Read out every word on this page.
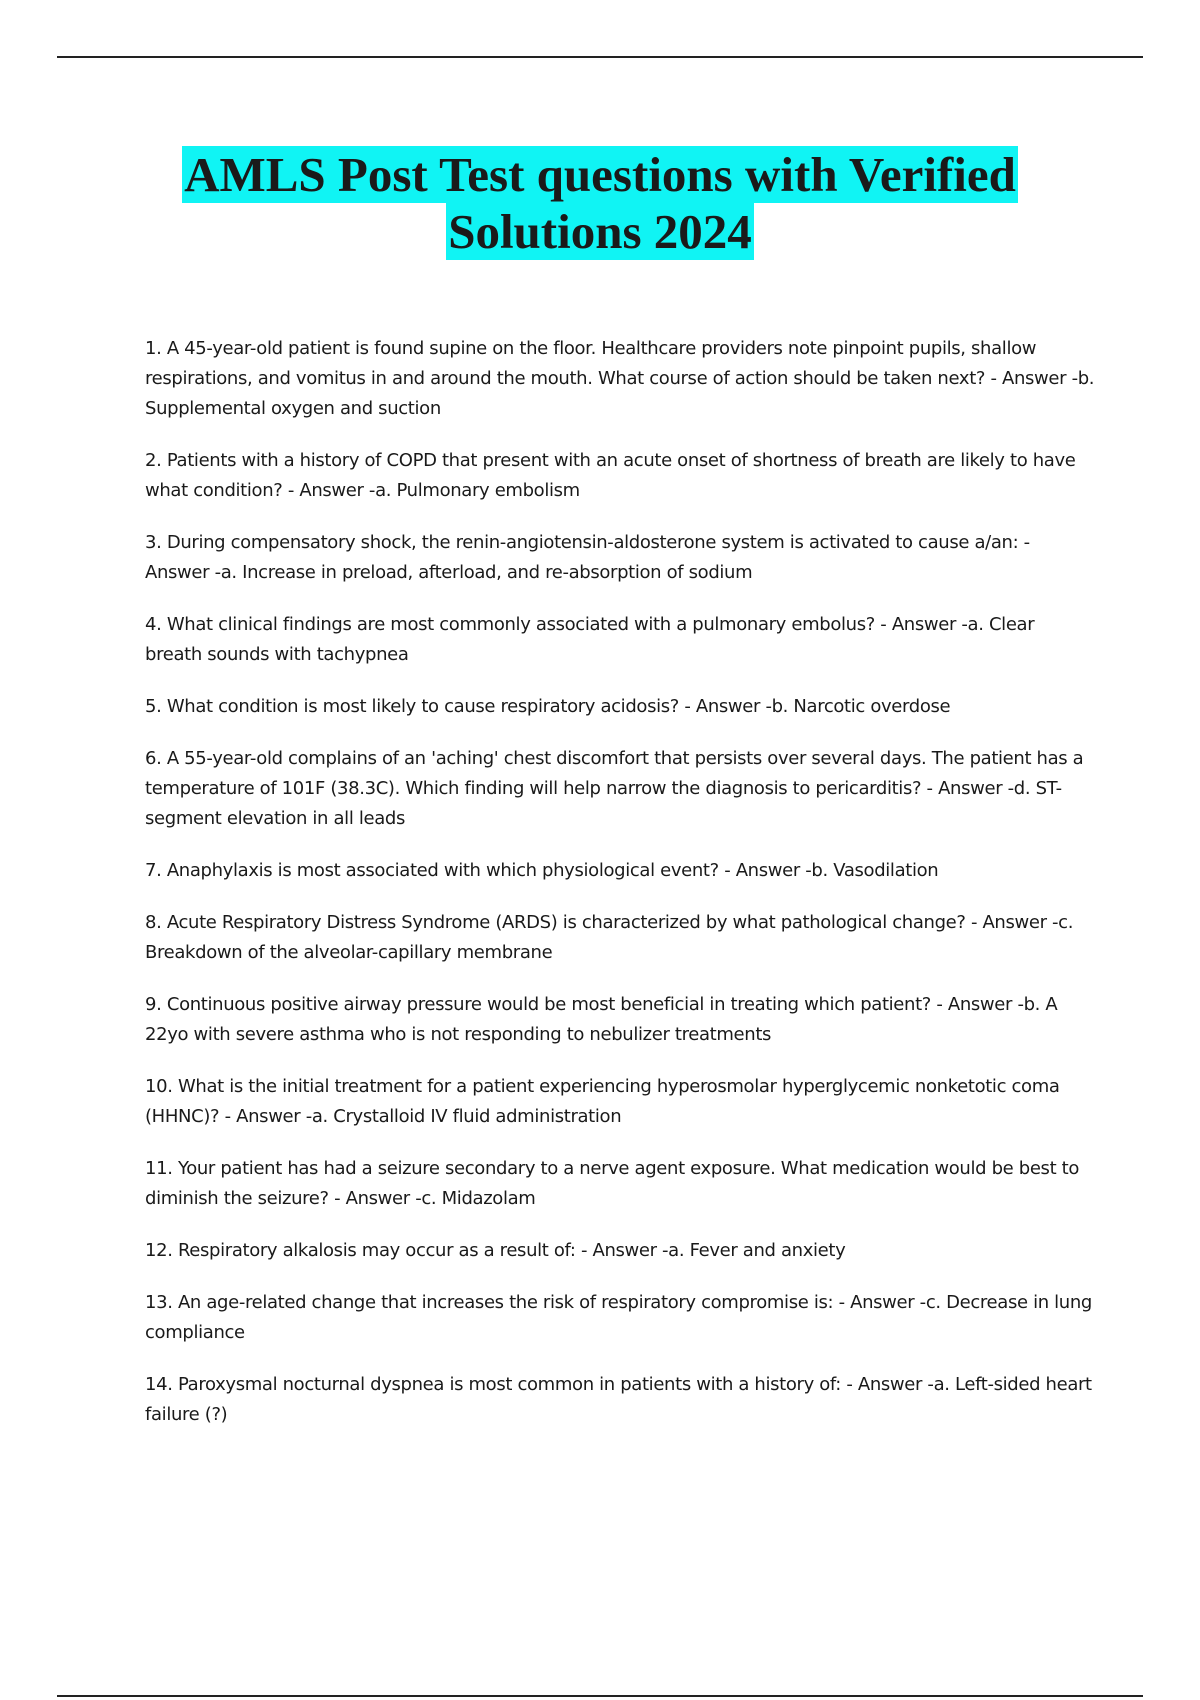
AMLS Post Test questions with Verified
Solutions 2024
1. A 45-year-old patient is found supine on the floor. Healthcare providers note pinpoint pupils, shallow respirations, and vomitus in and around the mouth. What course of action should be taken next? - Answer -b. Supplemental oxygen and suction
2. Patients with a history of COPD that present with an acute onset of shortness of breath are likely to have what condition? - Answer -a. Pulmonary embolism
3. During compensatory shock, the renin-angiotensin-aldosterone system is activated to cause a/an: - Answer -a. Increase in preload, afterload, and re-absorption of sodium
4. What clinical findings are most commonly associated with a pulmonary embolus? - Answer -a. Clear breath sounds with tachypnea
5. What condition is most likely to cause respiratory acidosis? - Answer -b. Narcotic overdose
6. A 55-year-old complains of an 'aching' chest discomfort that persists over several days. The patient has a temperature of 101F (38.3C). Which finding will help narrow the diagnosis to pericarditis? - Answer -d. ST-segment elevation in all leads
7. Anaphylaxis is most associated with which physiological event? - Answer -b. Vasodilation
8. Acute Respiratory Distress Syndrome (ARDS) is characterized by what pathological change? - Answer -c. Breakdown of the alveolar-capillary membrane
9. Continuous positive airway pressure would be most beneficial in treating which patient? - Answer -b. A 22yo with severe asthma who is not responding to nebulizer treatments
10. What is the initial treatment for a patient experiencing hyperosmolar hyperglycemic nonketotic coma (HHNC)? - Answer -a. Crystalloid IV fluid administration
11. Your patient has had a seizure secondary to a nerve agent exposure. What medication would be best to diminish the seizure? - Answer -c. Midazolam
12. Respiratory alkalosis may occur as a result of: - Answer -a. Fever and anxiety
13. An age-related change that increases the risk of respiratory compromise is: - Answer -c. Decrease in lung compliance
14. Paroxysmal nocturnal dyspnea is most common in patients with a history of: - Answer -a. Left-sided heart failure (?)
